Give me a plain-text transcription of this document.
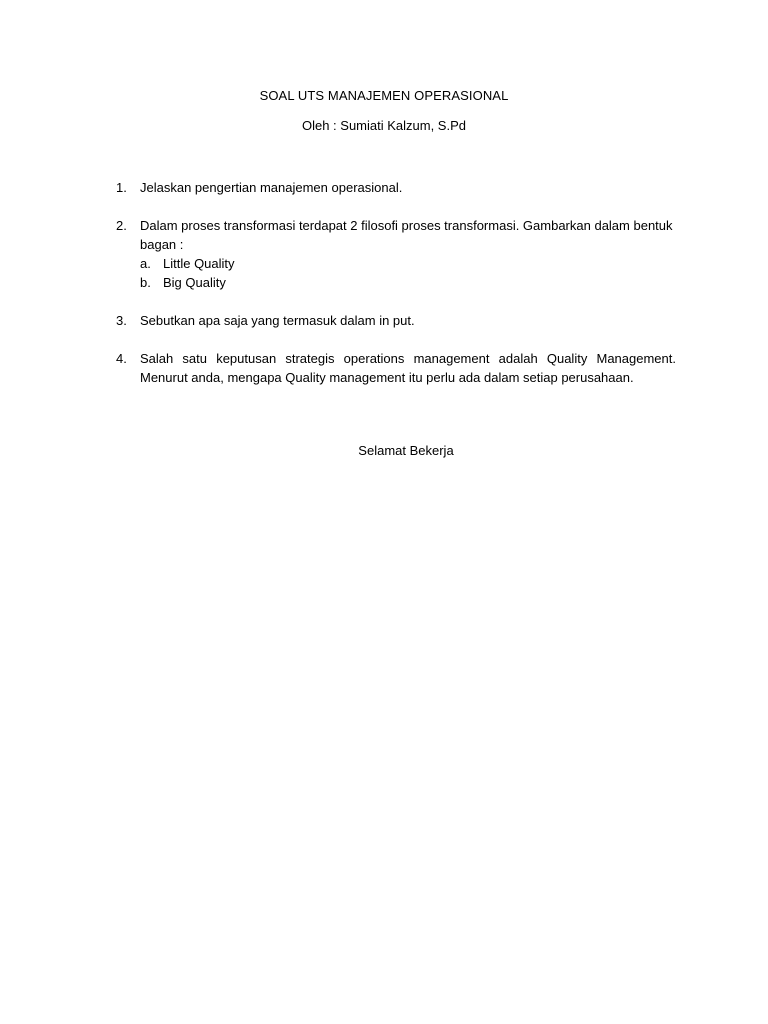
SOAL UTS MANAJEMEN OPERASIONAL
Oleh : Sumiati Kalzum, S.Pd
1.	Jelaskan pengertian manajemen operasional.
2.	Dalam proses transformasi terdapat 2 filosofi proses transformasi. Gambarkan dalam bentuk bagan :
a. Little Quality
b. Big Quality
3.	Sebutkan apa saja yang termasuk dalam in put.
4.	Salah satu keputusan strategis operations management adalah Quality Management. Menurut anda, mengapa Quality management itu perlu ada dalam setiap perusahaan.
Selamat Bekerja
